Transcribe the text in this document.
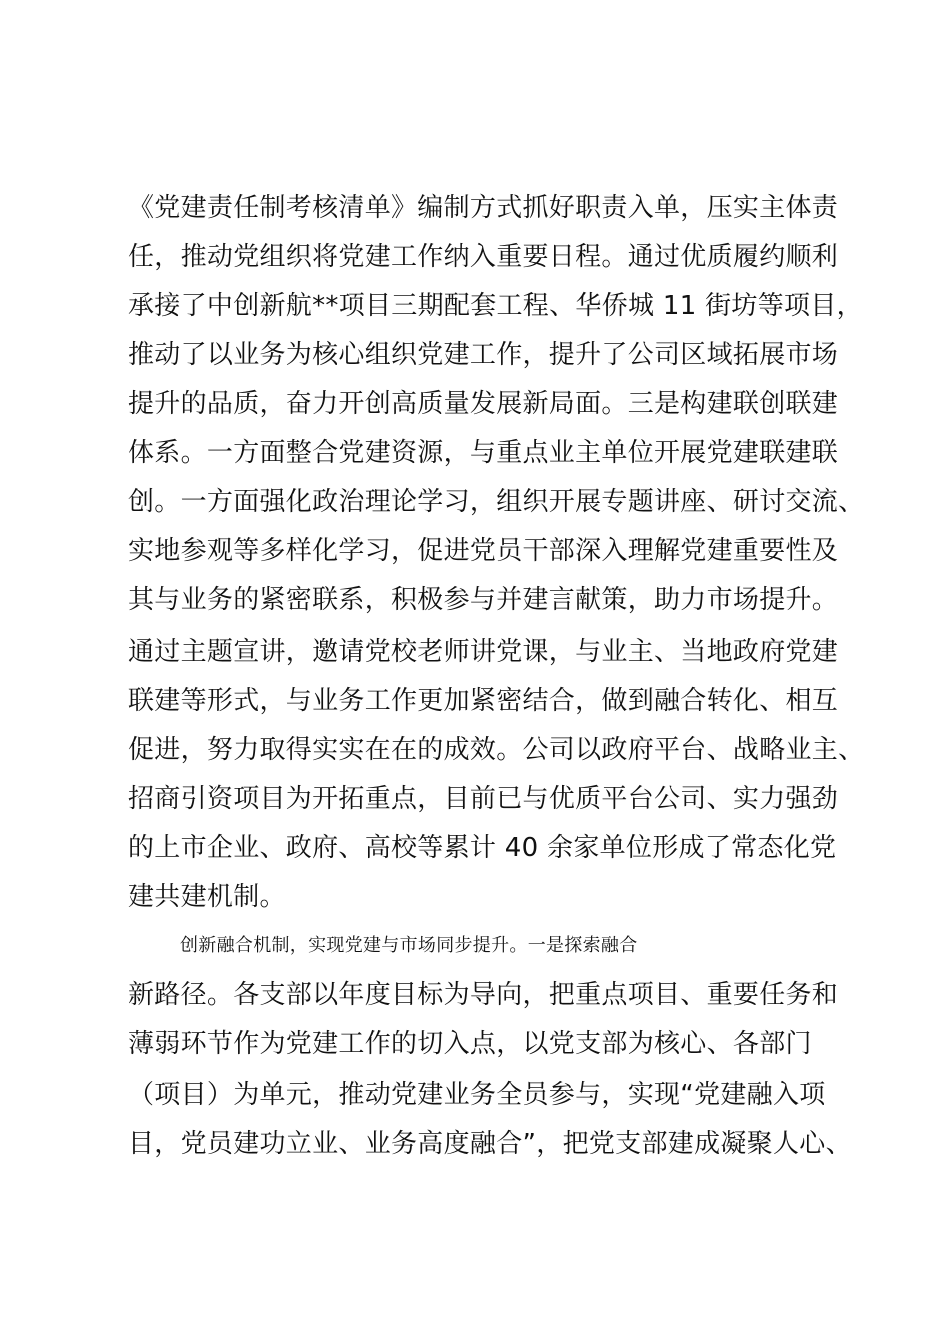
《党建责任制考核清单》编制方式抓好职责入单，压实主体责
任，推动党组织将党建工作纳入重要日程。通过优质履约顺利
承接了中创新航**项目三期配套工程、华侨城 11 街坊等项目，
推动了以业务为核心组织党建工作，提升了公司区域拓展市场
提升的品质，奋力开创高质量发展新局面。三是构建联创联建
体系。一方面整合党建资源，与重点业主单位开展党建联建联
创。一方面强化政治理论学习，组织开展专题讲座、研讨交流、
实地参观等多样化学习，促进党员干部深入理解党建重要性及
其与业务的紧密联系，积极参与并建言献策，助力市场提升。
通过主题宣讲，邀请党校老师讲党课，与业主、当地政府党建
联建等形式，与业务工作更加紧密结合，做到融合转化、相互
促进，努力取得实实在在的成效。公司以政府平台、战略业主、
招商引资项目为开拓重点，目前已与优质平台公司、实力强劲
的上市企业、政府、高校等累计 40 余家单位形成了常态化党
建共建机制。
创新融合机制，实现党建与市场同步提升。一是探索融合
新路径。各支部以年度目标为导向，把重点项目、重要任务和
薄弱环节作为党建工作的切入点，以党支部为核心、各部门
（项目）为单元，推动党建业务全员参与，实现“党建融入项
目，党员建功立业、业务高度融合”，把党支部建成凝聚人心、
